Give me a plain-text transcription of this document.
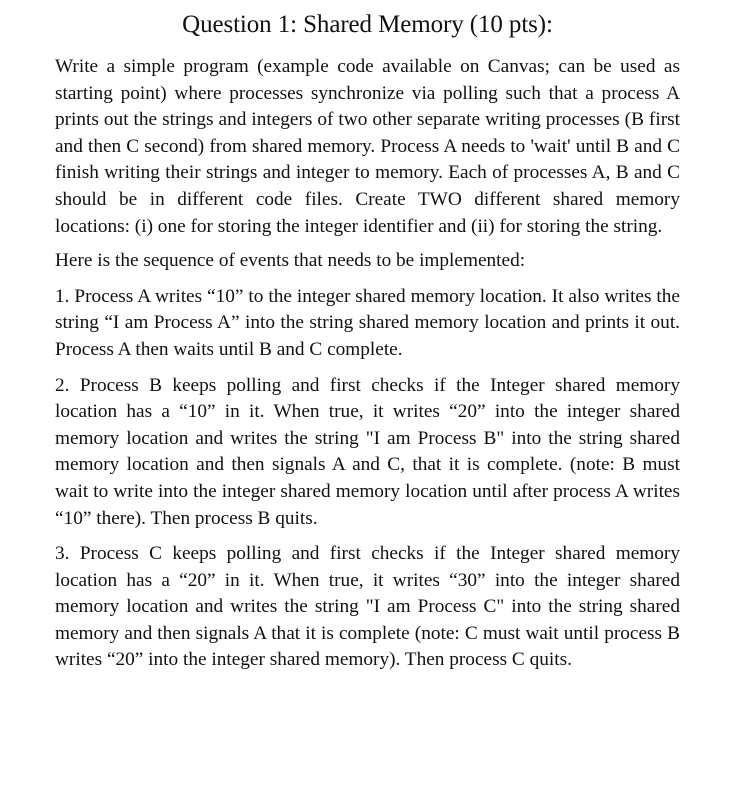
Question 1: Shared Memory (10 pts):

Write a simple program (example code available on Canvas; can be used as starting point) where processes synchronize via polling such that a process A prints out the strings and integers of two other separate writing processes (B first and then C second) from shared memory. Process A needs to 'wait' until B and C finish writing their strings and integer to memory. Each of processes A, B and C should be in different code files. Create TWO different shared memory locations: (i) one for storing the integer identifier and (ii) for storing the string.

Here is the sequence of events that needs to be implemented:

1. Process A writes “10” to the integer shared memory location. It also writes the string “I am Process A” into the string shared memory location and prints it out. Process A then waits until B and C complete.

2. Process B keeps polling and first checks if the Integer shared memory location has a “10” in it. When true, it writes “20” into the integer shared memory location and writes the string "I am Process B" into the string shared memory location and then signals A and C, that it is complete. (note: B must wait to write into the integer shared memory location until after process A writes “10” there). Then process B quits.

3. Process C keeps polling and first checks if the Integer shared memory location has a “20” in it. When true, it writes “30” into the integer shared memory location and writes the string "I am Process C" into the string shared memory and then signals A that it is complete (note: C must wait until process B writes “20” into the integer shared memory). Then process C quits.
